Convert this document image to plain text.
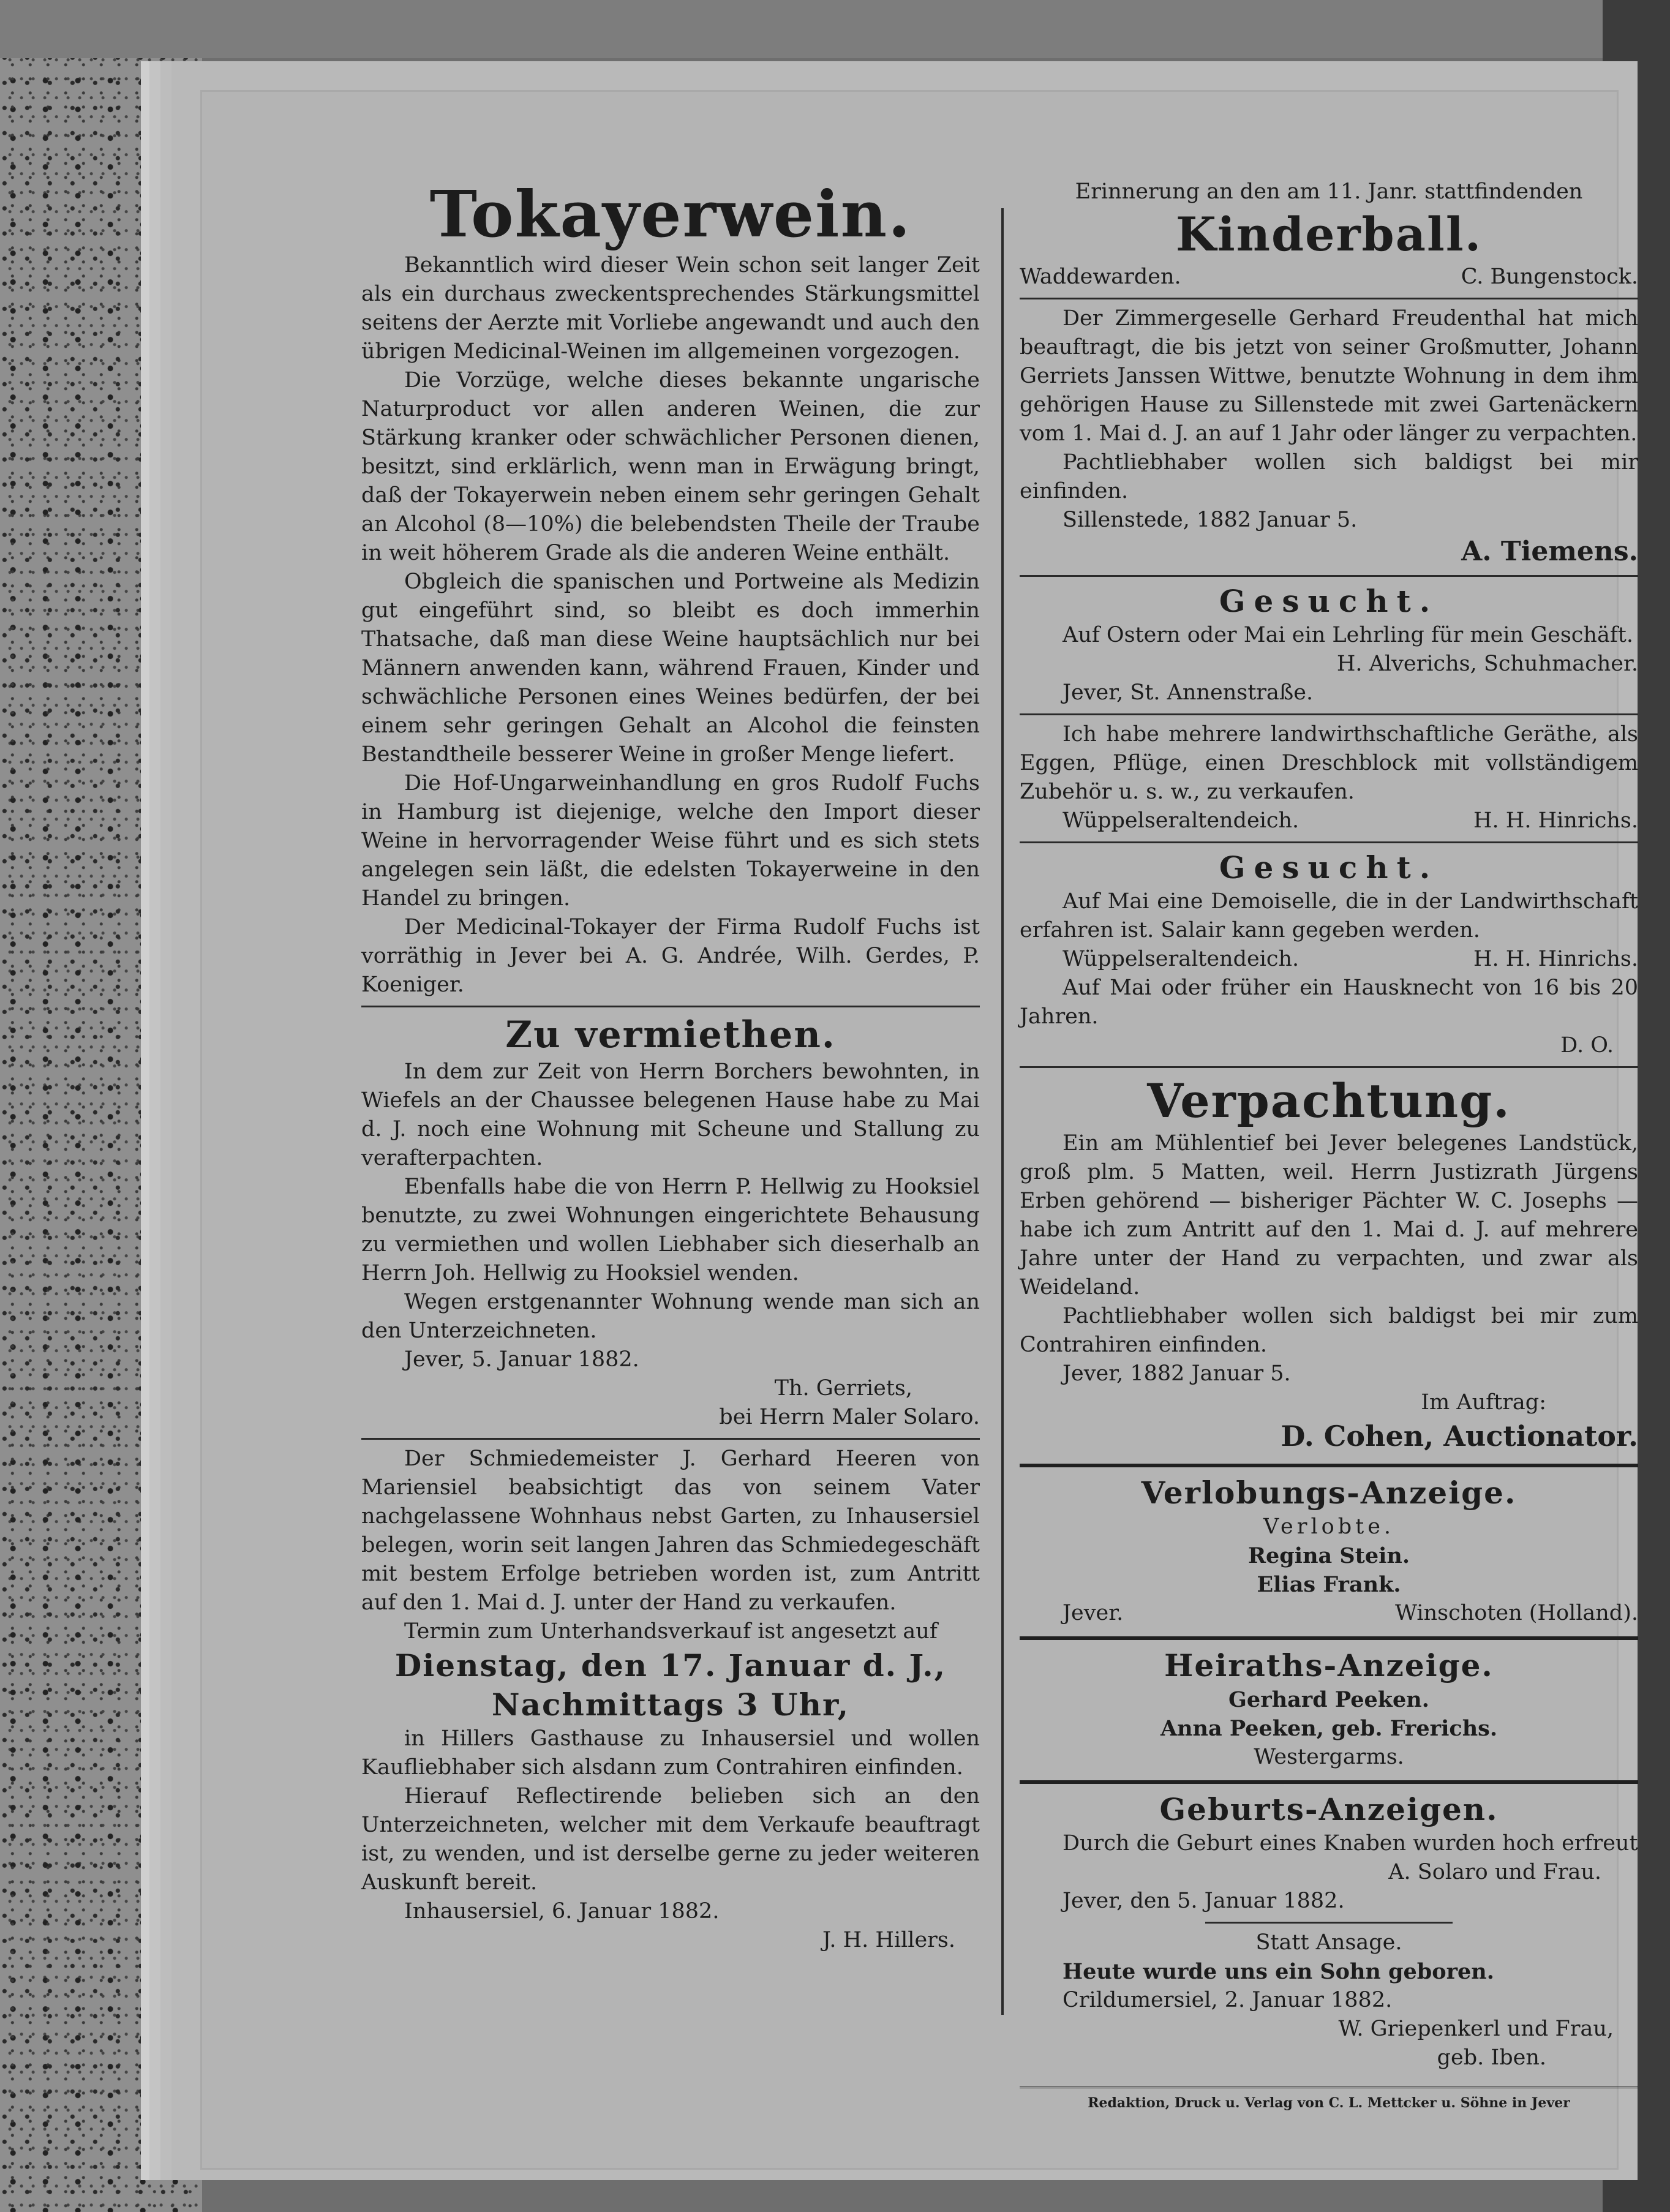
Tokayerwein.

Bekanntlich wird dieser Wein schon seit langer Zeit als ein durchaus zweckentsprechendes Stärkungsmittel seitens der Aerzte mit Vorliebe angewandt und auch den übrigen Medicinal-Weinen im allgemeinen vorgezogen.

Die Vorzüge, welche dieses bekannte ungarische Naturproduct vor allen anderen Weinen, die zur Stärkung kranker oder schwächlicher Personen dienen, besitzt, sind erklärlich, wenn man in Erwägung bringt, daß der Tokayerwein neben einem sehr geringen Gehalt an Alcohol (8—10%) die belebendsten Theile der Traube in weit höherem Grade als die anderen Weine enthält.

Obgleich die spanischen und Portweine als Medizin gut eingeführt sind, so bleibt es doch immerhin Thatsache, daß man diese Weine hauptsächlich nur bei Männern anwenden kann, während Frauen, Kinder und schwächliche Personen eines Weines bedürfen, der bei einem sehr geringen Gehalt an Alcohol die feinsten Bestandtheile besserer Weine in großer Menge liefert.

Die Hof-Ungarweinhandlung en gros Rudolf Fuchs in Hamburg ist diejenige, welche den Import dieser Weine in hervorragender Weise führt und es sich stets angelegen sein läßt, die edelsten Tokayerweine in den Handel zu bringen.

Der Medicinal-Tokayer der Firma Rudolf Fuchs ist vorräthig in Jever bei A. G. Andrée, Wilh. Gerdes, P. Koeniger.

Zu vermiethen.

In dem zur Zeit von Herrn Borchers bewohnten, in Wiefels an der Chaussee belegenen Hause habe zu Mai d. J. noch eine Wohnung mit Scheune und Stallung zu verafterpachten.

Ebenfalls habe die von Herrn P. Hellwig zu Hooksiel benutzte, zu zwei Wohnungen eingerichtete Behausung zu vermiethen und wollen Liebhaber sich dieserhalb an Herrn Joh. Hellwig zu Hooksiel wenden.

Wegen erstgenannter Wohnung wende man sich an den Unterzeichneten.

Jever, 5. Januar 1882.

Th. Gerriets,

bei Herrn Maler Solaro.

Der Schmiedemeister J. Gerhard Heeren von Mariensiel beabsichtigt das von seinem Vater nachgelassene Wohnhaus nebst Garten, zu Inhausersiel belegen, worin seit langen Jahren das Schmiedegeschäft mit bestem Erfolge betrieben worden ist, zum Antritt auf den 1. Mai d. J. unter der Hand zu verkaufen.

Termin zum Unterhandsverkauf ist angesetzt auf

Dienstag, den 17. Januar d. J.,

Nachmittags 3 Uhr,

in Hillers Gasthause zu Inhausersiel und wollen Kaufliebhaber sich alsdann zum Contrahiren einfinden.

Hierauf Reflectirende belieben sich an den Unterzeichneten, welcher mit dem Verkaufe beauftragt ist, zu wenden, und ist derselbe gerne zu jeder weiteren Auskunft bereit.

Inhausersiel, 6. Januar 1882.

J. H. Hillers.

Erinnerung an den am 11. Janr. stattfindenden

Kinderball.

Waddewarden.	C. Bungenstock.

Der Zimmergeselle Gerhard Freudenthal hat mich beauftragt, die bis jetzt von seiner Großmutter, Johann Gerriets Janssen Wittwe, benutzte Wohnung in dem ihm gehörigen Hause zu Sillenstede mit zwei Gartenäckern vom 1. Mai d. J. an auf 1 Jahr oder länger zu verpachten.

Pachtliebhaber wollen sich baldigst bei mir einfinden.

Sillenstede, 1882 Januar 5.

A. Tiemens.

Gesucht.

Auf Ostern oder Mai ein Lehrling für mein Geschäft.

H. Alverichs, Schuhmacher.

Jever, St. Annenstraße.

Ich habe mehrere landwirthschaftliche Geräthe, als Eggen, Pflüge, einen Dreschblock mit vollständigem Zubehör u. s. w., zu verkaufen.

Wüppelseraltendeich.	H. H. Hinrichs.

Gesucht.

Auf Mai eine Demoiselle, die in der Landwirthschaft erfahren ist. Salair kann gegeben werden.

Wüppelseraltendeich.	H. H. Hinrichs.

Auf Mai oder früher ein Hausknecht von 16 bis 20 Jahren.

D. O.

Verpachtung.

Ein am Mühlentief bei Jever belegenes Landstück, groß plm. 5 Matten, weil. Herrn Justizrath Jürgens Erben gehörend — bisheriger Pächter W. C. Josephs — habe ich zum Antritt auf den 1. Mai d. J. auf mehrere Jahre unter der Hand zu verpachten, und zwar als Weideland.

Pachtliebhaber wollen sich baldigst bei mir zum Contrahiren einfinden.

Jever, 1882 Januar 5.

Im Auftrag:

D. Cohen, Auctionator.

Verlobungs-Anzeige.

Verlobte.

Regina Stein.

Elias Frank.

Jever.	Winschoten (Holland).

Heiraths-Anzeige.

Gerhard Peeken.

Anna Peeken, geb. Frerichs.

Westergarms.

Geburts-Anzeigen.

Durch die Geburt eines Knaben wurden hoch erfreut

A. Solaro und Frau.

Jever, den 5. Januar 1882.

Statt Ansage.

Heute wurde uns ein Sohn geboren.

Crildumersiel, 2. Januar 1882.

W. Griepenkerl und Frau,

geb. Iben.

Redaktion, Druck u. Verlag von C. L. Mettcker u. Söhne in Jever
